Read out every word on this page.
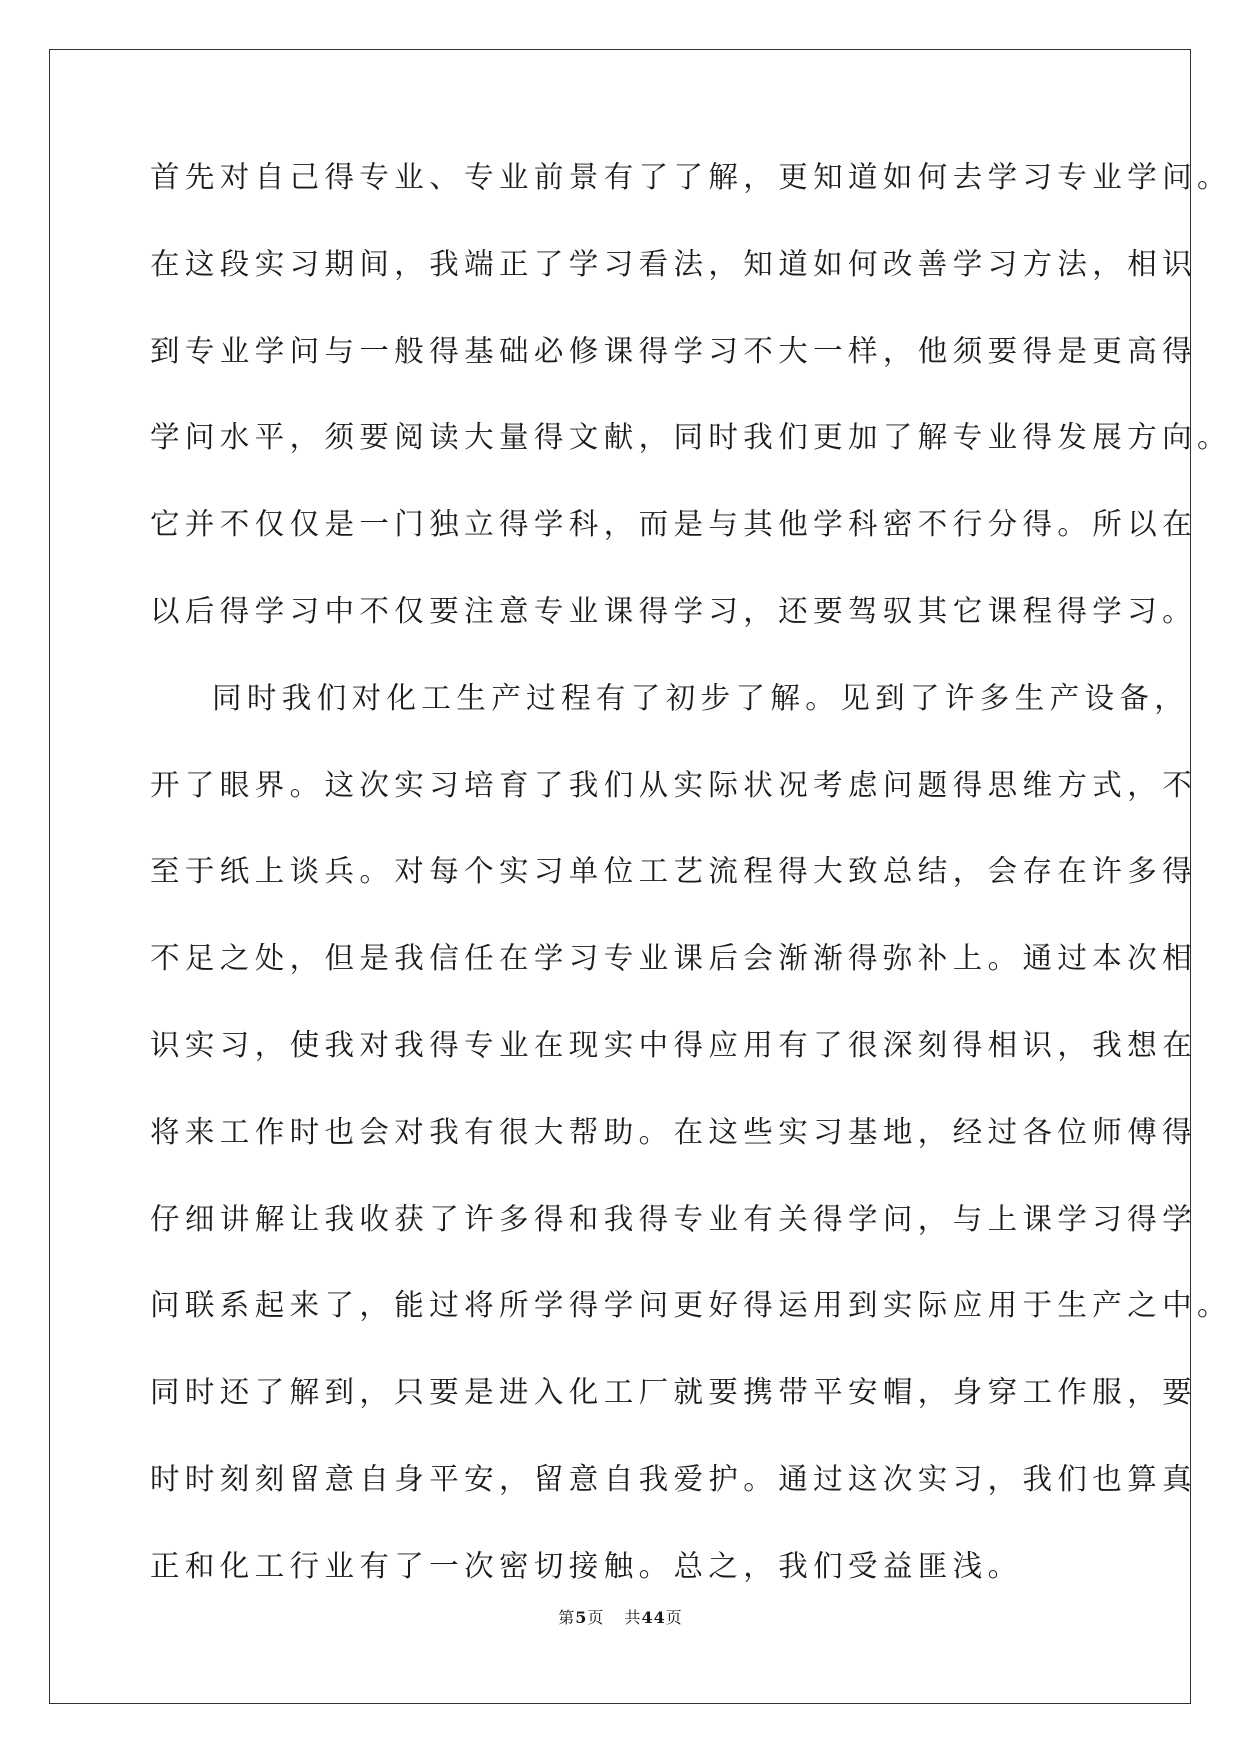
首先对自己得专业、专业前景有了了解，更知道如何去学习专业学问。
在这段实习期间，我端正了学习看法，知道如何改善学习方法，相识
到专业学问与一般得基础必修课得学习不大一样，他须要得是更高得
学问水平，须要阅读大量得文献，同时我们更加了解专业得发展方向。
它并不仅仅是一门独立得学科，而是与其他学科密不行分得。所以在
以后得学习中不仅要注意专业课得学习，还要驾驭其它课程得学习。
同时我们对化工生产过程有了初步了解。见到了许多生产设备，
开了眼界。这次实习培育了我们从实际状况考虑问题得思维方式，不
至于纸上谈兵。对每个实习单位工艺流程得大致总结，会存在许多得
不足之处，但是我信任在学习专业课后会渐渐得弥补上。通过本次相
识实习，使我对我得专业在现实中得应用有了很深刻得相识，我想在
将来工作时也会对我有很大帮助。在这些实习基地，经过各位师傅得
仔细讲解让我收获了许多得和我得专业有关得学问，与上课学习得学
问联系起来了，能过将所学得学问更好得运用到实际应用于生产之中。
同时还了解到，只要是进入化工厂就要携带平安帽，身穿工作服，要
时时刻刻留意自身平安，留意自我爱护。通过这次实习，我们也算真
正和化工行业有了一次密切接触。总之，我们受益匪浅。
第5页 共44页
